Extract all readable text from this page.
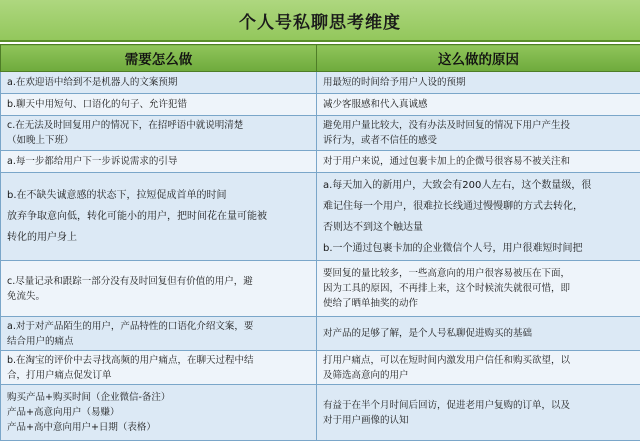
个人号私聊思考维度
需要怎么做	这么做的原因

a.在欢迎语中给到不是机器人的文案预期	用最短的时间给予用户人设的预期

b.聊天中用短句、口语化的句子、允许犯错	减少客服感和代入真诚感

c.在无法及时回复用户的情况下，在招呼语中就说明清楚
（如晚上下班）	避免用户量比较大，没有办法及时回复的情况下用户产生投
诉行为，或者不信任的感受

a.每一步都给用户下一步诉说需求的引导	对于用户来说，通过包裹卡加上的企微号很容易不被关注和

b.在不缺失诚意感的状态下，拉短促成首单的时间
放弃争取意向低，转化可能小的用户，把时间花在量可能被
转化的用户身上	a.每天加入的新用户，大致会有200人左右，这个数量级，很
难记住每一个用户，很难拉长线通过慢慢聊的方式去转化，
否则达不到这个触达量
b.一个通过包裹卡加的企业微信个人号，用户很难短时间把

c.尽量记录和跟踪一部分没有及时回复但有价值的用户，避
免流失。	要回复的量比较多，一些高意向的用户很容易被压在下面，
因为工具的原因，不再排上来，这个时候流失就很可惜，即
使给了晒单抽奖的动作

a.对于对产品陌生的用户，产品特性的口语化介绍文案，要
结合用户的痛点	对产品的足够了解，是个人号私聊促进购买的基础

b.在淘宝的评价中去寻找高频的用户痛点，在聊天过程中结
合，打用户痛点促发订单	打用户痛点，可以在短时间内激发用户信任和购买欲望，以
及筛选高意向的用户

购买产品+购买时间（企业微信-备注）
产品+高意向用户（易赚）
产品+高中意向用户+日期（表格）	有益于在半个月时间后回访，促进老用户复购的订单，以及
对于用户画像的认知
